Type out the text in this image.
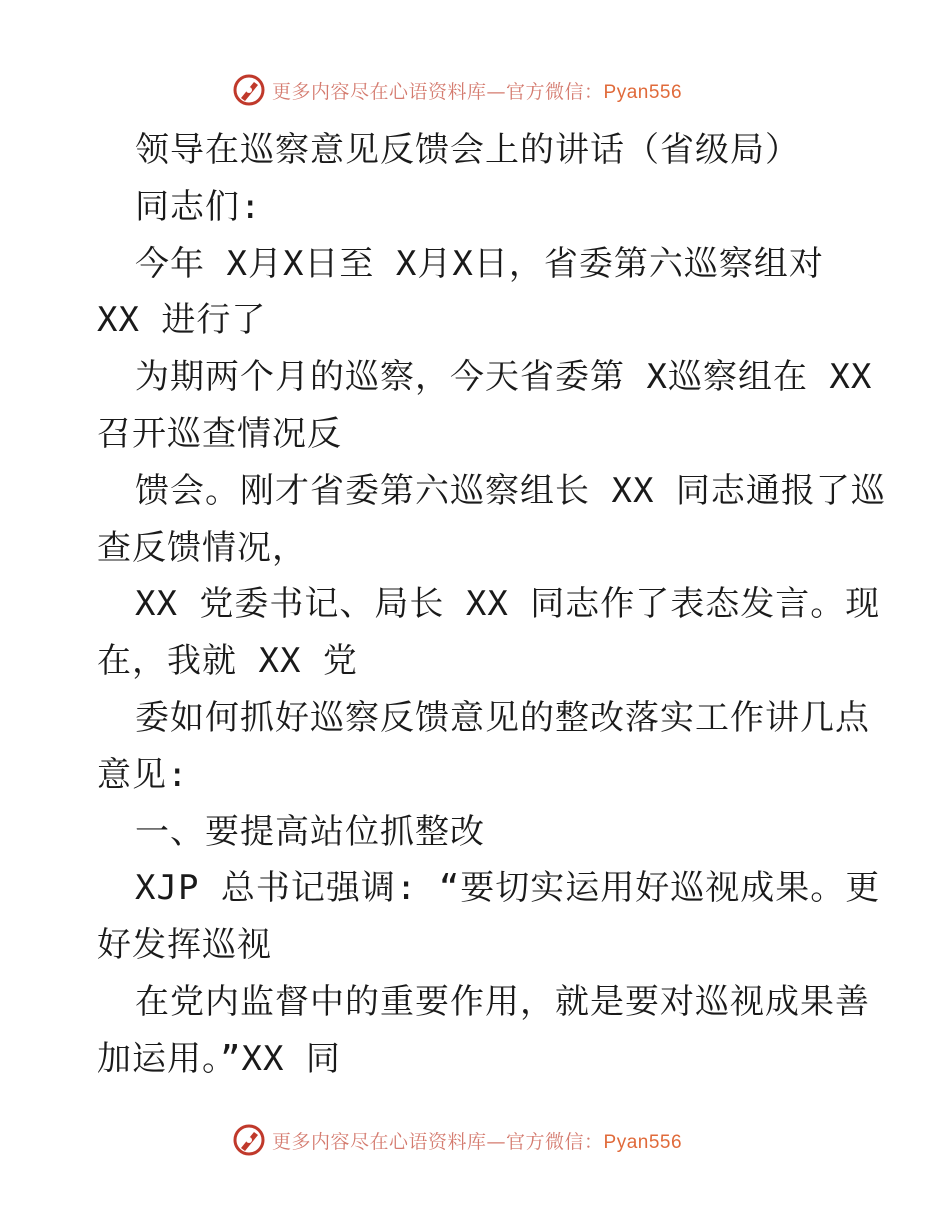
更多内容尽在心语资料库—官方微信：Pyan556
领导在巡察意见反馈会上的讲话（省级局）
同志们:
今年 X月X日至 X月X日，省委第六巡察组对
XX 进行了
为期两个月的巡察，今天省委第 X巡察组在 XX
召开巡查情况反
馈会。刚才省委第六巡察组长 XX 同志通报了巡
查反馈情况，
XX 党委书记、局长 XX 同志作了表态发言。现
在，我就 XX 党
委如何抓好巡察反馈意见的整改落实工作讲几点
意见:
一、要提高站位抓整改
XJP 总书记强调: “要切实运用好巡视成果。更
好发挥巡视
在党内监督中的重要作用，就是要对巡视成果善
加运用。”XX 同
更多内容尽在心语资料库—官方微信：Pyan556
